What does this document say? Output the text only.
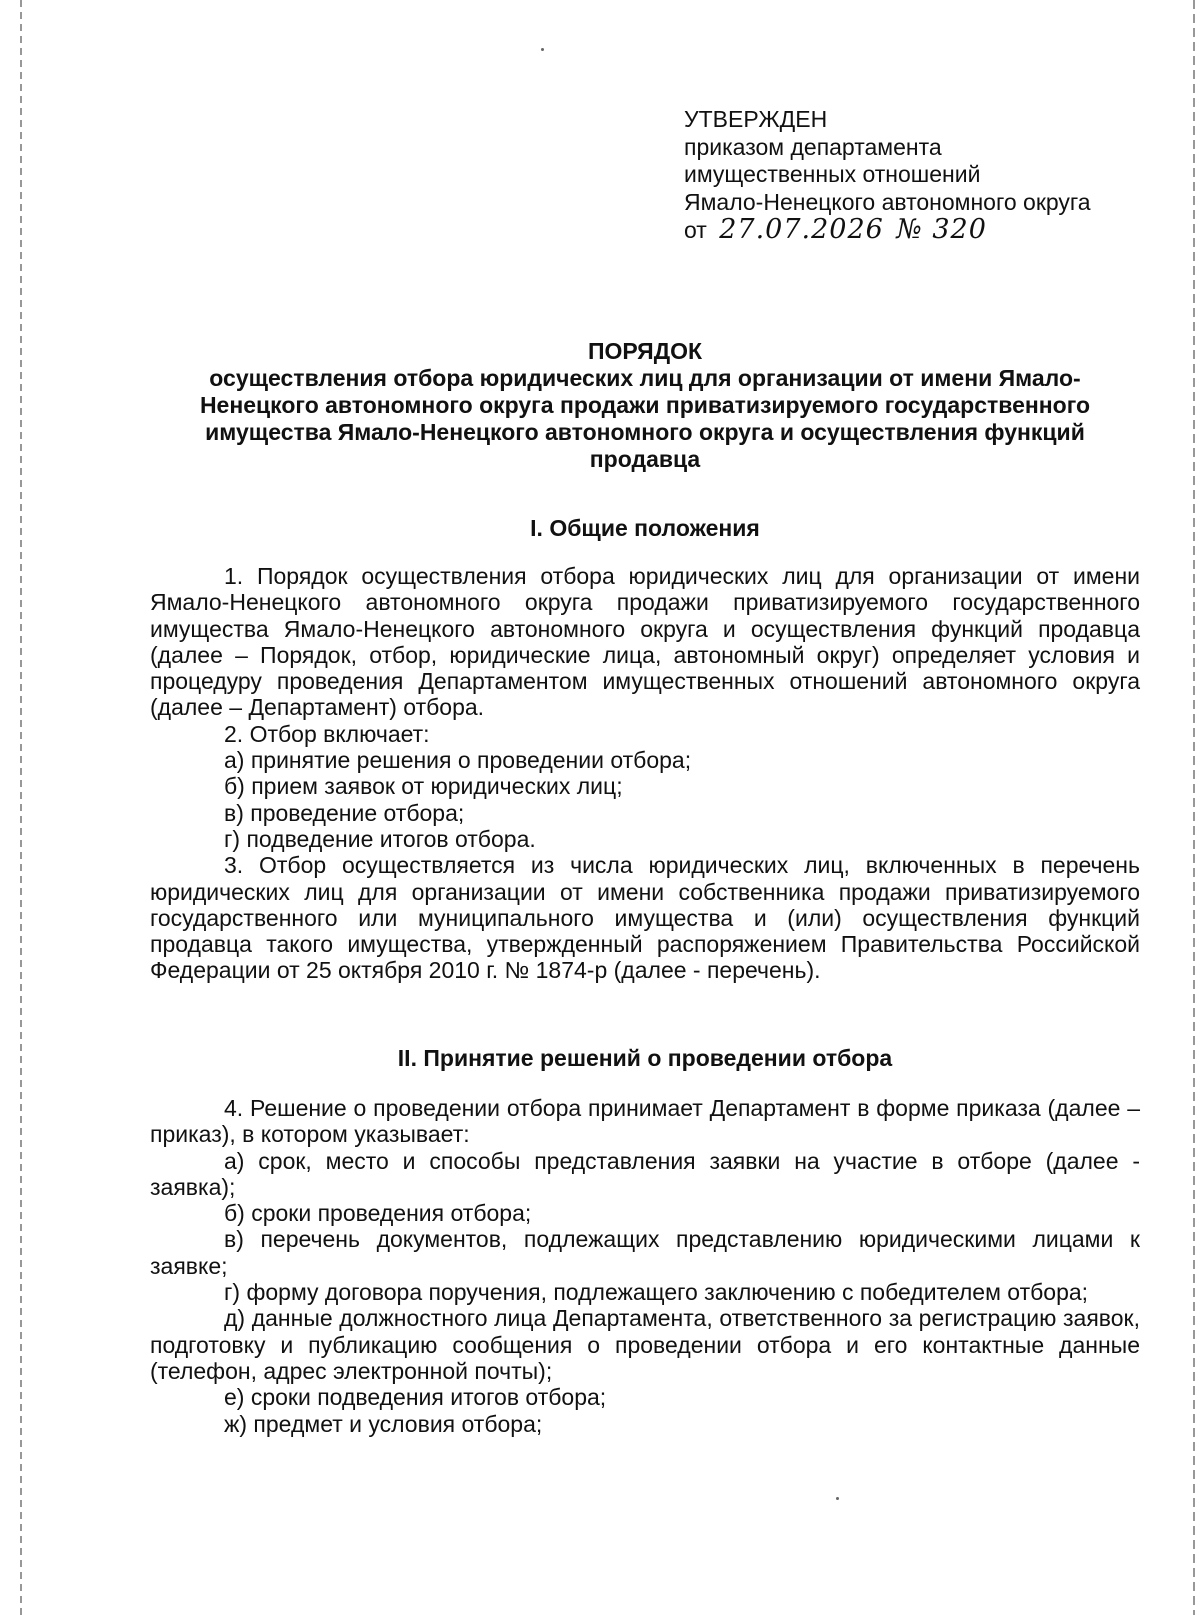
УТВЕРЖДЕН
приказом департамента
имущественных отношений
Ямало-Ненецкого автономного округа
от 27.07.2026 № 320
ПОРЯДОК
осуществления отбора юридических лиц для организации от имени Ямало-Ненецкого автономного округа продажи приватизируемого государственного имущества Ямало-Ненецкого автономного округа и осуществления функций продавца
I. Общие положения
1. Порядок осуществления отбора юридических лиц для организации от имени Ямало-Ненецкого автономного округа продажи приватизируемого государственного имущества Ямало-Ненецкого автономного округа и осуществления функций продавца (далее – Порядок, отбор, юридические лица, автономный округ) определяет условия и процедуру проведения Департаментом имущественных отношений автономного округа (далее – Департамент) отбора.
2. Отбор включает:
а) принятие решения о проведении отбора;
б) прием заявок от юридических лиц;
в) проведение отбора;
г) подведение итогов отбора.
3. Отбор осуществляется из числа юридических лиц, включенных в перечень юридических лиц для организации от имени собственника продажи приватизируемого государственного или муниципального имущества и (или) осуществления функций продавца такого имущества, утвержденный распоряжением Правительства Российской Федерации от 25 октября 2010 г. № 1874-р (далее - перечень).
II. Принятие решений о проведении отбора
4. Решение о проведении отбора принимает Департамент в форме приказа (далее – приказ), в котором указывает:
а) срок, место и способы представления заявки на участие в отборе (далее - заявка);
б) сроки проведения отбора;
в) перечень документов, подлежащих представлению юридическими лицами к заявке;
г) форму договора поручения, подлежащего заключению с победителем отбора;
д) данные должностного лица Департамента, ответственного за регистрацию заявок, подготовку и публикацию сообщения о проведении отбора и его контактные данные (телефон, адрес электронной почты);
е) сроки подведения итогов отбора;
ж) предмет и условия отбора;
